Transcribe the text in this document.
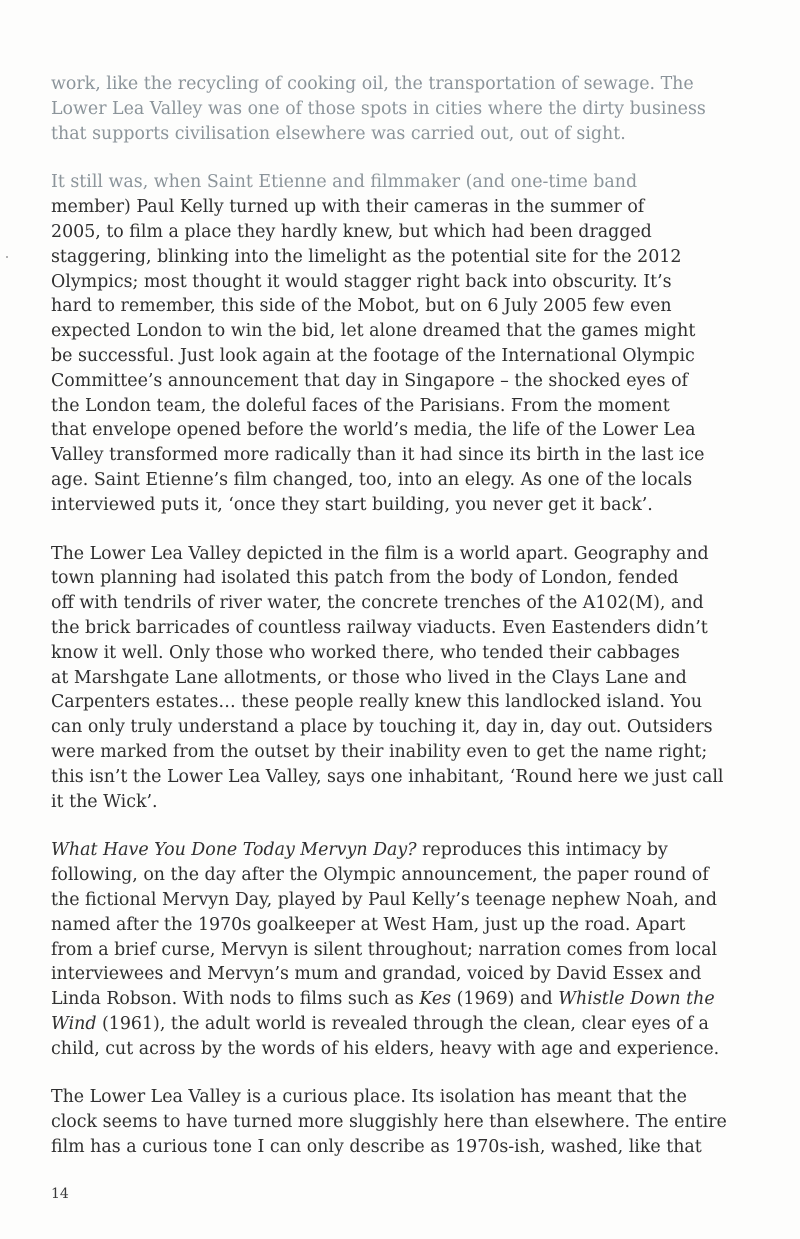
work, like the recycling of cooking oil, the transportation of sewage. The
Lower Lea Valley was one of those spots in cities where the dirty business
that supports civilisation elsewhere was carried out, out of sight.
It still was, when Saint Etienne and filmmaker (and one-time band
member) Paul Kelly turned up with their cameras in the summer of
2005, to film a place they hardly knew, but which had been dragged
staggering, blinking into the limelight as the potential site for the 2012
Olympics; most thought it would stagger right back into obscurity. It’s
hard to remember, this side of the Mobot, but on 6 July 2005 few even
expected London to win the bid, let alone dreamed that the games might
be successful. Just look again at the footage of the International Olympic
Committee’s announcement that day in Singapore – the shocked eyes of
the London team, the doleful faces of the Parisians. From the moment
that envelope opened before the world’s media, the life of the Lower Lea
Valley transformed more radically than it had since its birth in the last ice
age. Saint Etienne’s film changed, too, into an elegy. As one of the locals
interviewed puts it, ‘once they start building, you never get it back’.
The Lower Lea Valley depicted in the film is a world apart. Geography and
town planning had isolated this patch from the body of London, fended
off with tendrils of river water, the concrete trenches of the A102(M), and
the brick barricades of countless railway viaducts. Even Eastenders didn’t
know it well. Only those who worked there, who tended their cabbages
at Marshgate Lane allotments, or those who lived in the Clays Lane and
Carpenters estates… these people really knew this landlocked island. You
can only truly understand a place by touching it, day in, day out. Outsiders
were marked from the outset by their inability even to get the name right;
this isn’t the Lower Lea Valley, says one inhabitant, ‘Round here we just call
it the Wick’.
What Have You Done Today Mervyn Day? reproduces this intimacy by
following, on the day after the Olympic announcement, the paper round of
the fictional Mervyn Day, played by Paul Kelly’s teenage nephew Noah, and
named after the 1970s goalkeeper at West Ham, just up the road. Apart
from a brief curse, Mervyn is silent throughout; narration comes from local
interviewees and Mervyn’s mum and grandad, voiced by David Essex and
Linda Robson. With nods to films such as Kes (1969) and Whistle Down the
Wind (1961), the adult world is revealed through the clean, clear eyes of a
child, cut across by the words of his elders, heavy with age and experience.
The Lower Lea Valley is a curious place. Its isolation has meant that the
clock seems to have turned more sluggishly here than elsewhere. The entire
film has a curious tone I can only describe as 1970s-ish, washed, like that
14
